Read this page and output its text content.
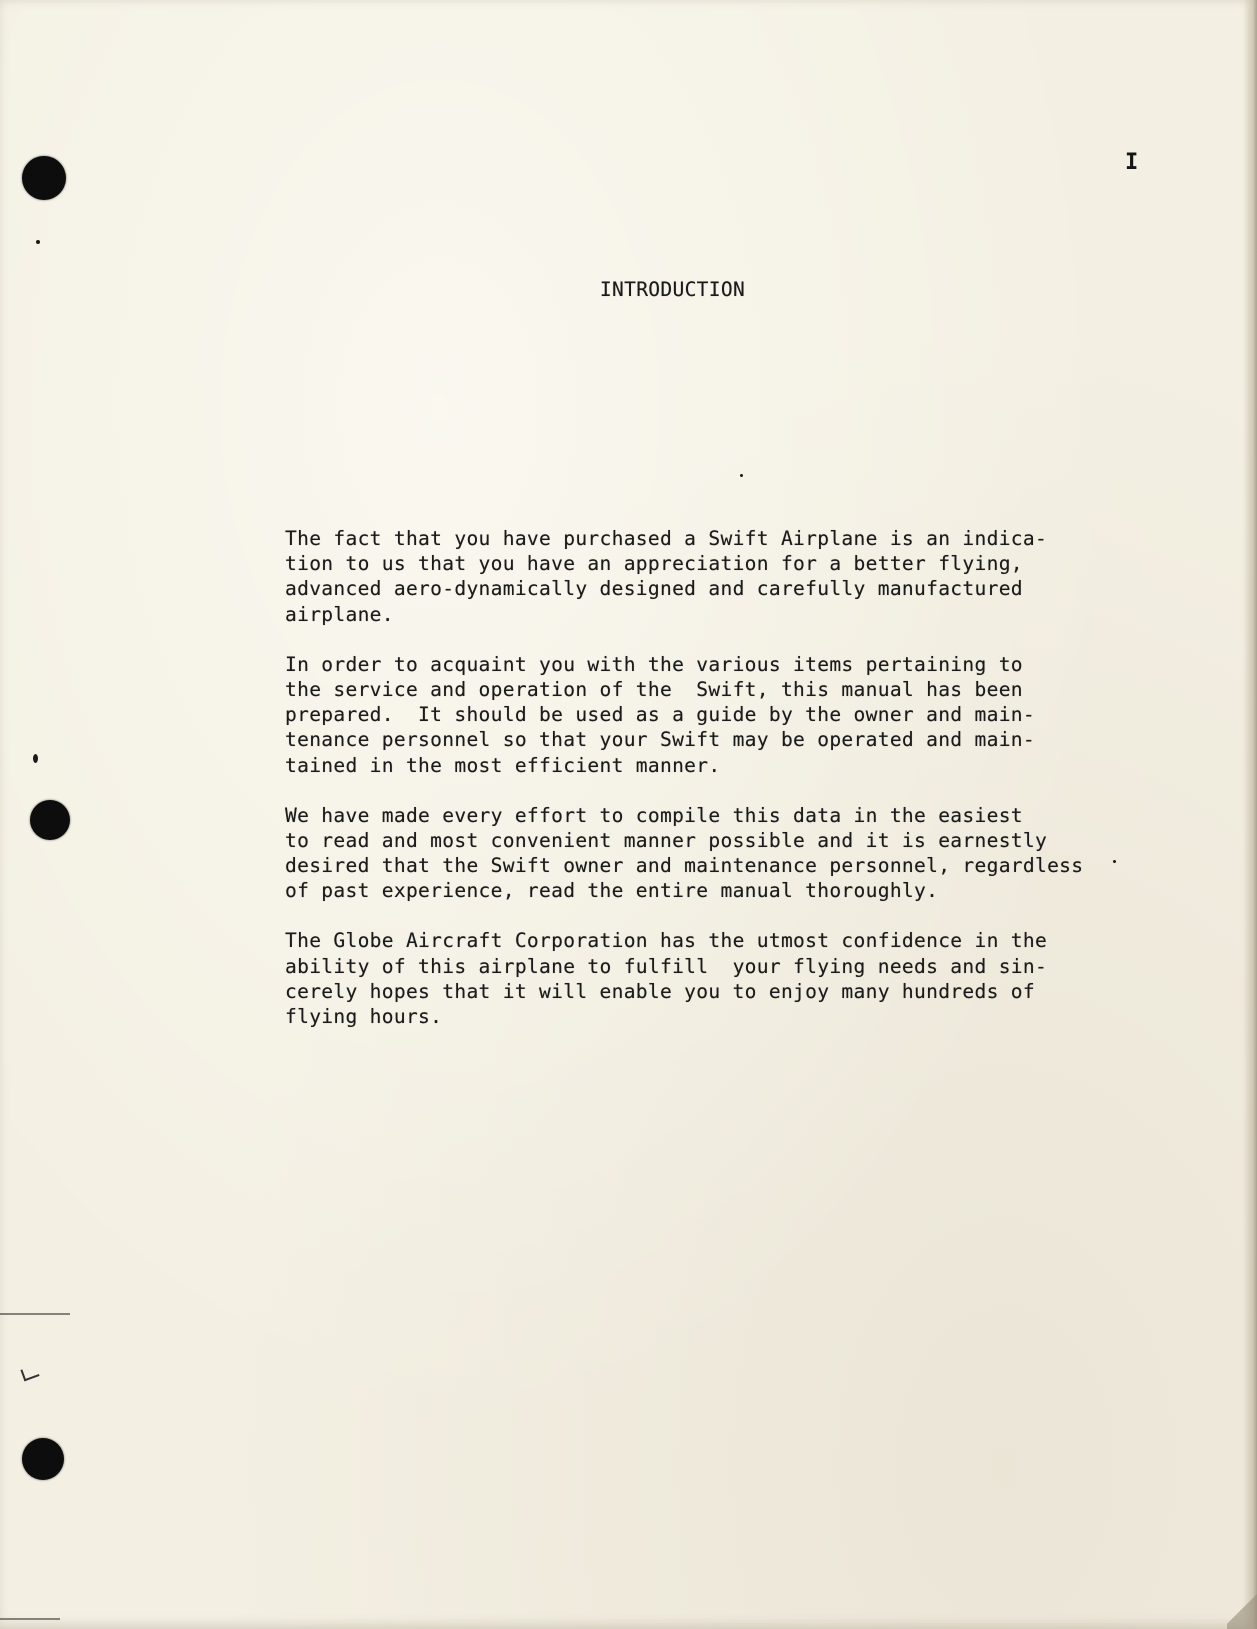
I
INTRODUCTION

The fact that you have purchased a Swift Airplane is an indica-
tion to us that you have an appreciation for a better flying,
advanced aero-dynamically designed and carefully manufactured
airplane.

In order to acquaint you with the various items pertaining to
the service and operation of the  Swift, this manual has been
prepared.  It should be used as a guide by the owner and main-
tenance personnel so that your Swift may be operated and main-
tained in the most efficient manner.

We have made every effort to compile this data in the easiest
to read and most convenient manner possible and it is earnestly
desired that the Swift owner and maintenance personnel, regardless
of past experience, read the entire manual thoroughly.

The Globe Aircraft Corporation has the utmost confidence in the
ability of this airplane to fulfill  your flying needs and sin-
cerely hopes that it will enable you to enjoy many hundreds of
flying hours.
